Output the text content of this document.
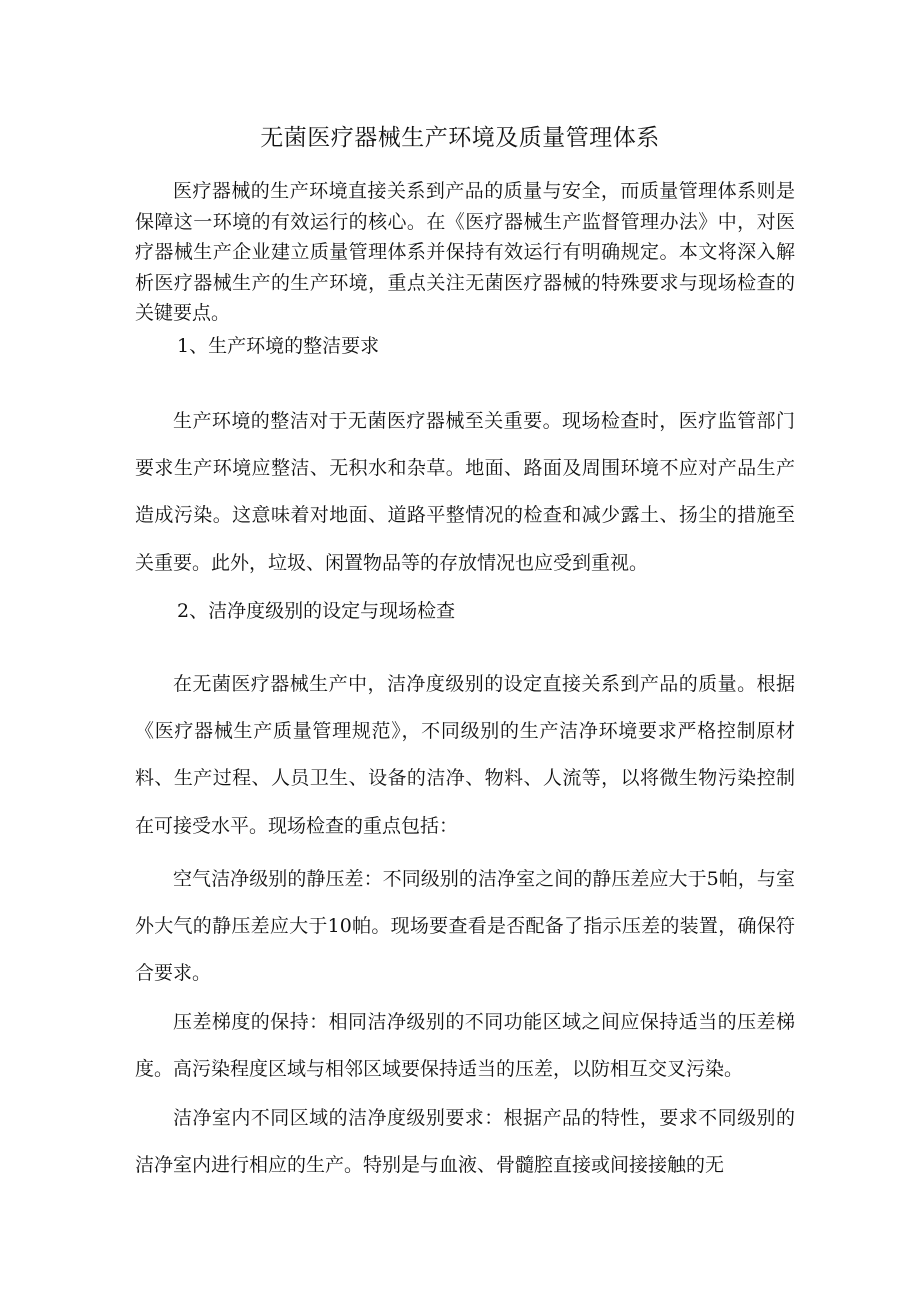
无菌医疗器械生产环境及质量管理体系

医疗器械的生产环境直接关系到产品的质量与安全，而质量管理体系则是保障这一环境的有效运行的核心。在《医疗器械生产监督管理办法》中，对医疗器械生产企业建立质量管理体系并保持有效运行有明确规定。本文将深入解析医疗器械生产的生产环境，重点关注无菌医疗器械的特殊要求与现场检查的关键要点。

1、生产环境的整洁要求

生产环境的整洁对于无菌医疗器械至关重要。现场检查时，医疗监管部门要求生产环境应整洁、无积水和杂草。地面、路面及周围环境不应对产品生产造成污染。这意味着对地面、道路平整情况的检查和减少露土、扬尘的措施至关重要。此外，垃圾、闲置物品等的存放情况也应受到重视。

2、洁净度级别的设定与现场检查

在无菌医疗器械生产中，洁净度级别的设定直接关系到产品的质量。根据《医疗器械生产质量管理规范》，不同级别的生产洁净环境要求严格控制原材料、生产过程、人员卫生、设备的洁净、物料、人流等，以将微生物污染控制在可接受水平。现场检查的重点包括：

空气洁净级别的静压差：不同级别的洁净室之间的静压差应大于5帕，与室外大气的静压差应大于10帕。现场要查看是否配备了指示压差的装置，确保符合要求。

压差梯度的保持：相同洁净级别的不同功能区域之间应保持适当的压差梯度。高污染程度区域与相邻区域要保持适当的压差，以防相互交叉污染。

洁净室内不同区域的洁净度级别要求：根据产品的特性，要求不同级别的洁净室内进行相应的生产。特别是与血液、骨髓腔直接或间接接触的无
